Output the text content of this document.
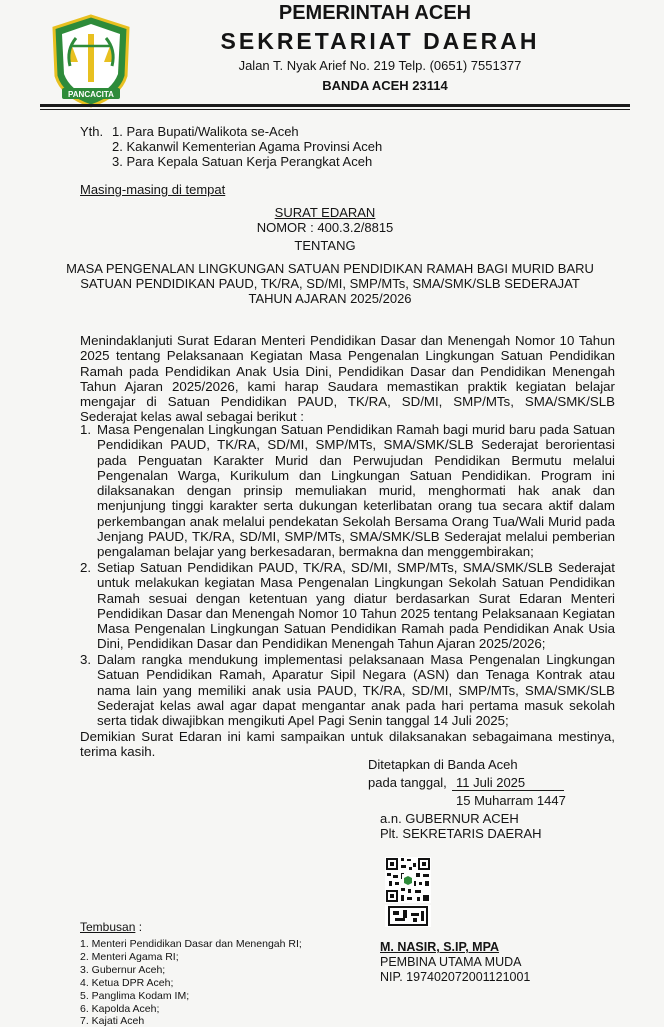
PANCACITA
PEMERINTAH ACEH
SEKRETARIAT DAERAH
Jalan T. Nyak Arief No. 219 Telp. (0651) 7551377
BANDA ACEH 23114
Yth. 1. Para Bupati/Walikota se-Aceh
2. Kakanwil Kementerian Agama Provinsi Aceh
3. Para Kepala Satuan Kerja Perangkat Aceh
Masing-masing di tempat
SURAT EDARAN
NOMOR : 400.3.2/8815
TENTANG
MASA PENGENALAN LINGKUNGAN SATUAN PENDIDIKAN RAMAH BAGI MURID BARU
SATUAN PENDIDIKAN PAUD, TK/RA, SD/MI, SMP/MTs, SMA/SMK/SLB SEDERAJAT
TAHUN AJARAN 2025/2026
Menindaklanjuti Surat Edaran Menteri Pendidikan Dasar dan Menengah Nomor 10 Tahun 2025 tentang Pelaksanaan Kegiatan Masa Pengenalan Lingkungan Satuan Pendidikan Ramah pada Pendidikan Anak Usia Dini, Pendidikan Dasar dan Pendidikan Menengah Tahun Ajaran 2025/2026, kami harap Saudara memastikan praktik kegiatan belajar mengajar di Satuan Pendidikan PAUD, TK/RA, SD/MI, SMP/MTs, SMA/SMK/SLB Sederajat kelas awal sebagai berikut :
1. Masa Pengenalan Lingkungan Satuan Pendidikan Ramah bagi murid baru pada Satuan Pendidikan PAUD, TK/RA, SD/MI, SMP/MTs, SMA/SMK/SLB Sederajat berorientasi pada Penguatan Karakter Murid dan Perwujudan Pendidikan Bermutu melalui Pengenalan Warga, Kurikulum dan Lingkungan Satuan Pendidikan. Program ini dilaksanakan dengan prinsip memuliakan murid, menghormati hak anak dan menjunjung tinggi karakter serta dukungan keterlibatan orang tua secara aktif dalam perkembangan anak melalui pendekatan Sekolah Bersama Orang Tua/Wali Murid pada Jenjang PAUD, TK/RA, SD/MI, SMP/MTs, SMA/SMK/SLB Sederajat melalui pemberian pengalaman belajar yang berkesadaran, bermakna dan menggembirakan;
2. Setiap Satuan Pendidikan PAUD, TK/RA, SD/MI, SMP/MTs, SMA/SMK/SLB Sederajat untuk melakukan kegiatan Masa Pengenalan Lingkungan Sekolah Satuan Pendidikan Ramah sesuai dengan ketentuan yang diatur berdasarkan Surat Edaran Menteri Pendidikan Dasar dan Menengah Nomor 10 Tahun 2025 tentang Pelaksanaan Kegiatan Masa Pengenalan Lingkungan Satuan Pendidikan Ramah pada Pendidikan Anak Usia Dini, Pendidikan Dasar dan Pendidikan Menengah Tahun Ajaran 2025/2026;
3. Dalam rangka mendukung implementasi pelaksanaan Masa Pengenalan Lingkungan Satuan Pendidikan Ramah, Aparatur Sipil Negara (ASN) dan Tenaga Kontrak atau nama lain yang memiliki anak usia PAUD, TK/RA, SD/MI, SMP/MTs, SMA/SMK/SLB Sederajat kelas awal agar dapat mengantar anak pada hari pertama masuk sekolah serta tidak diwajibkan mengikuti Apel Pagi Senin tanggal 14 Juli 2025;
Demikian Surat Edaran ini kami sampaikan untuk dilaksanakan sebagaimana mestinya, terima kasih.
Ditetapkan di Banda Aceh
pada tanggal, 11 Juli 2025
15 Muharram 1447
a.n. GUBERNUR ACEH
Plt. SEKRETARIS DAERAH
M. NASIR, S.IP, MPA
PEMBINA UTAMA MUDA
NIP. 197402072001121001
Tembusan :
1. Menteri Pendidikan Dasar dan Menengah RI;
2. Menteri Agama RI;
3. Gubernur Aceh;
4. Ketua DPR Aceh;
5. Panglima Kodam IM;
6. Kapolda Aceh;
7. Kajati Aceh
